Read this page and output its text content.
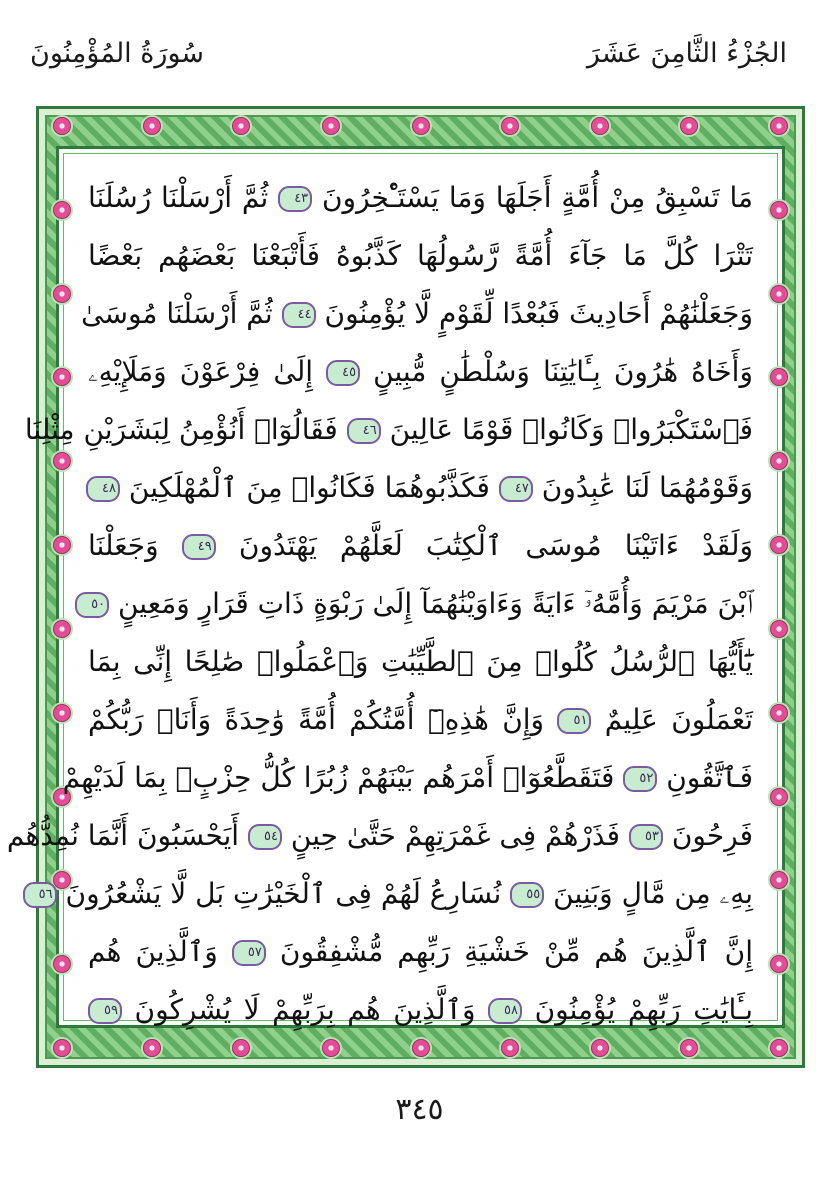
الجُزْءُ الثَّامِنَ عَشَرَ
سُورَةُ المُؤْمِنُونَ
مَا تَسْبِقُ مِنْ أُمَّةٍ أَجَلَهَا وَمَا يَسْتَـْٔخِرُونَ ٤٣ ثُمَّ أَرْسَلْنَا رُسُلَنَا
تَتْرَا كُلَّ مَا جَآءَ أُمَّةً رَّسُولُهَا كَذَّبُوهُ فَأَتْبَعْنَا بَعْضَهُم بَعْضًا
وَجَعَلْنَٰهُمْ أَحَادِيثَ فَبُعْدًا لِّقَوْمٍ لَّا يُؤْمِنُونَ ٤٤ ثُمَّ أَرْسَلْنَا مُوسَىٰ
وَأَخَاهُ هَٰرُونَ بِـَٔايَٰتِنَا وَسُلْطَٰنٍ مُّبِينٍ ٤٥ إِلَىٰ فِرْعَوْنَ وَمَلَإِيْهِۦ
فَٱسْتَكْبَرُوا۟ وَكَانُوا۟ قَوْمًا عَالِينَ ٤٦ فَقَالُوٓا۟ أَنُؤْمِنُ لِبَشَرَيْنِ مِثْلِنَا
وَقَوْمُهُمَا لَنَا عَٰبِدُونَ ٤٧ فَكَذَّبُوهُمَا فَكَانُوا۟ مِنَ ٱلْمُهْلَكِينَ ٤٨
وَلَقَدْ ءَاتَيْنَا مُوسَى ٱلْكِتَٰبَ لَعَلَّهُمْ يَهْتَدُونَ ٤٩ وَجَعَلْنَا
ٱبْنَ مَرْيَمَ وَأُمَّهُۥٓ ءَايَةً وَءَاوَيْنَٰهُمَآ إِلَىٰ رَبْوَةٍ ذَاتِ قَرَارٍ وَمَعِينٍ ٥٠
يَٰٓأَيُّهَا ٱلرُّسُلُ كُلُوا۟ مِنَ ٱلطَّيِّبَٰتِ وَٱعْمَلُوا۟ صَٰلِحًا إِنِّى بِمَا
تَعْمَلُونَ عَلِيمٌ ٥١ وَإِنَّ هَٰذِهِۦٓ أُمَّتُكُمْ أُمَّةً وَٰحِدَةً وَأَنَا۠ رَبُّكُمْ
فَٱتَّقُونِ ٥٢ فَتَقَطَّعُوٓا۟ أَمْرَهُم بَيْنَهُمْ زُبُرًا كُلُّ حِزْبٍۭ بِمَا لَدَيْهِمْ
فَرِحُونَ ٥٣ فَذَرْهُمْ فِى غَمْرَتِهِمْ حَتَّىٰ حِينٍ ٥٤ أَيَحْسَبُونَ أَنَّمَا نُمِدُّهُم
بِهِۦ مِن مَّالٍ وَبَنِينَ ٥٥ نُسَارِعُ لَهُمْ فِى ٱلْخَيْرَٰتِ بَل لَّا يَشْعُرُونَ ٥٦
إِنَّ ٱلَّذِينَ هُم مِّنْ خَشْيَةِ رَبِّهِم مُّشْفِقُونَ ٥٧ وَٱلَّذِينَ هُم
بِـَٔايَٰتِ رَبِّهِمْ يُؤْمِنُونَ ٥٨ وَٱلَّذِينَ هُم بِرَبِّهِمْ لَا يُشْرِكُونَ ٥٩
٣٤٥
